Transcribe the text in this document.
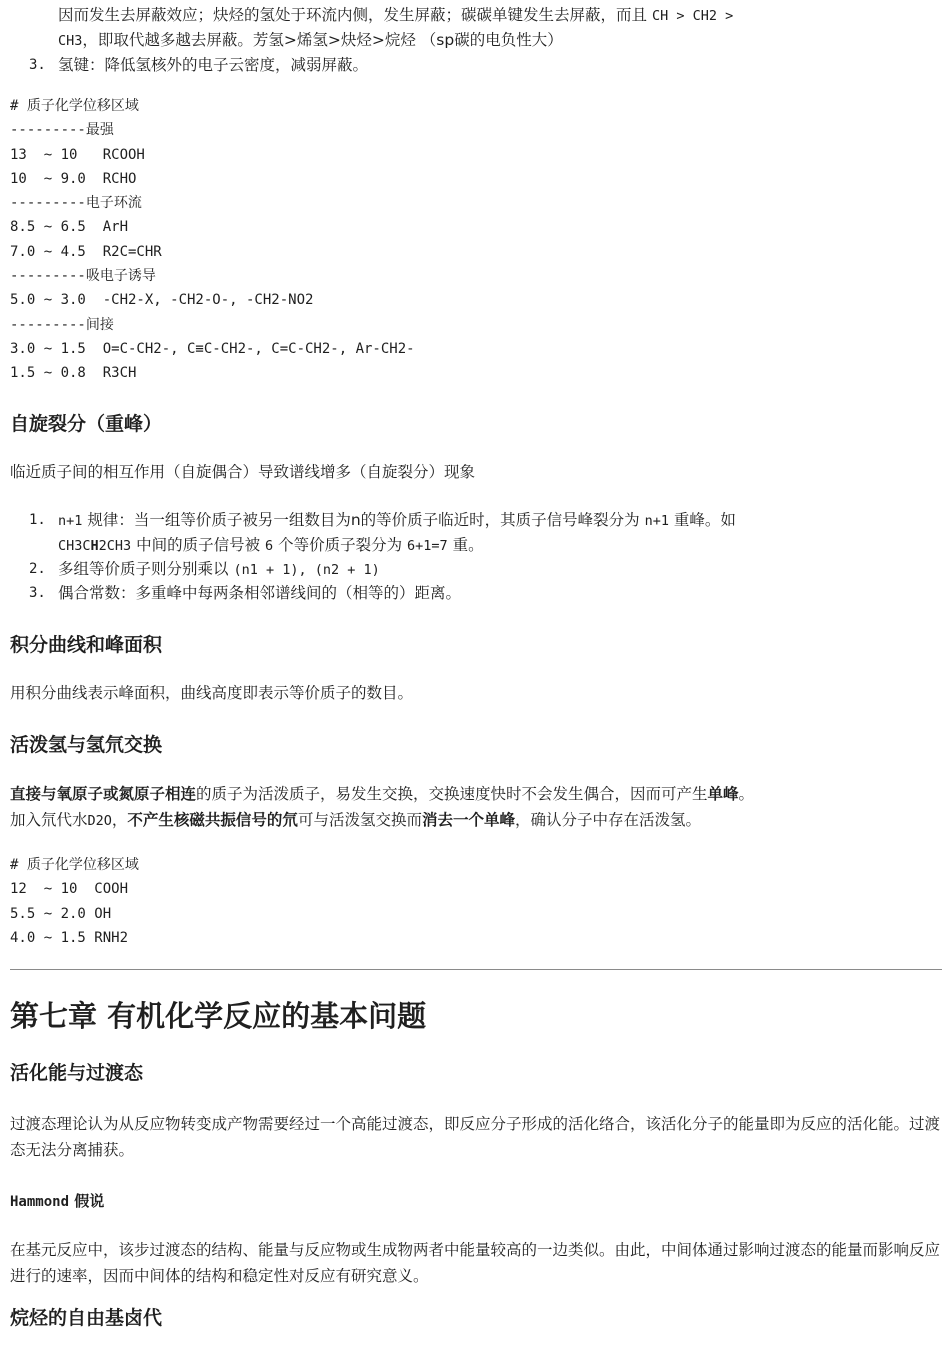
因而发生去屏蔽效应；炔烃的氢处于环流内侧，发生屏蔽；碳碳单键发生去屏蔽，而且 CH > CH2 >
CH3，即取代越多越去屏蔽。芳氢>烯氢>炔烃>烷烃 （sp碳的电负性大）
3. 氢键：降低氢核外的电子云密度，减弱屏蔽。
# 质子化学位移区域
---------最强
13  ~ 10   RCOOH
10  ~ 9.0  RCHO
---------电子环流
8.5 ~ 6.5  ArH
7.0 ~ 4.5  R2C=CHR
---------吸电子诱导
5.0 ~ 3.0  -CH2-X, -CH2-O-, -CH2-NO2
---------间接
3.0 ~ 1.5  O=C-CH2-, C≡C-CH2-, C=C-CH2-, Ar-CH2-
1.5 ~ 0.8  R3CH
自旋裂分（重峰）

临近质子间的相互作用（自旋偶合）导致谱线增多（自旋裂分）现象

1. n+1 规律：当一组等价质子被另一组数目为n的等价质子临近时，其质子信号峰裂分为 n+1 重峰。如
CH3CH2CH3 中间的质子信号被 6 个等价质子裂分为 6+1=7 重。
2. 多组等价质子则分别乘以 (n1 + 1), (n2 + 1)
3. 偶合常数：多重峰中每两条相邻谱线间的（相等的）距离。
积分曲线和峰面积

用积分曲线表示峰面积，曲线高度即表示等价质子的数目。

活泼氢与氢氘交换

直接与氧原子或氮原子相连的质子为活泼质子，易发生交换，交换速度快时不会发生偶合，因而可产生单峰。
加入氘代水D2O，不产生核磁共振信号的氘可与活泼氢交换而消去一个单峰，确认分子中存在活泼氢。

# 质子化学位移区域
12  ~ 10  COOH
5.5 ~ 2.0 OH
4.0 ~ 1.5 RNH2
第七章 有机化学反应的基本问题
活化能与过渡态

过渡态理论认为从反应物转变成产物需要经过一个高能过渡态，即反应分子形成的活化络合，该活化分子的能量即为反应的活化能。过渡态无法分离捕获。

Hammond 假说

在基元反应中，该步过渡态的结构、能量与反应物或生成物两者中能量较高的一边类似。由此，中间体通过影响过渡态的能量而影响反应进行的速率，因而中间体的结构和稳定性对反应有研究意义。

烷烃的自由基卤代
